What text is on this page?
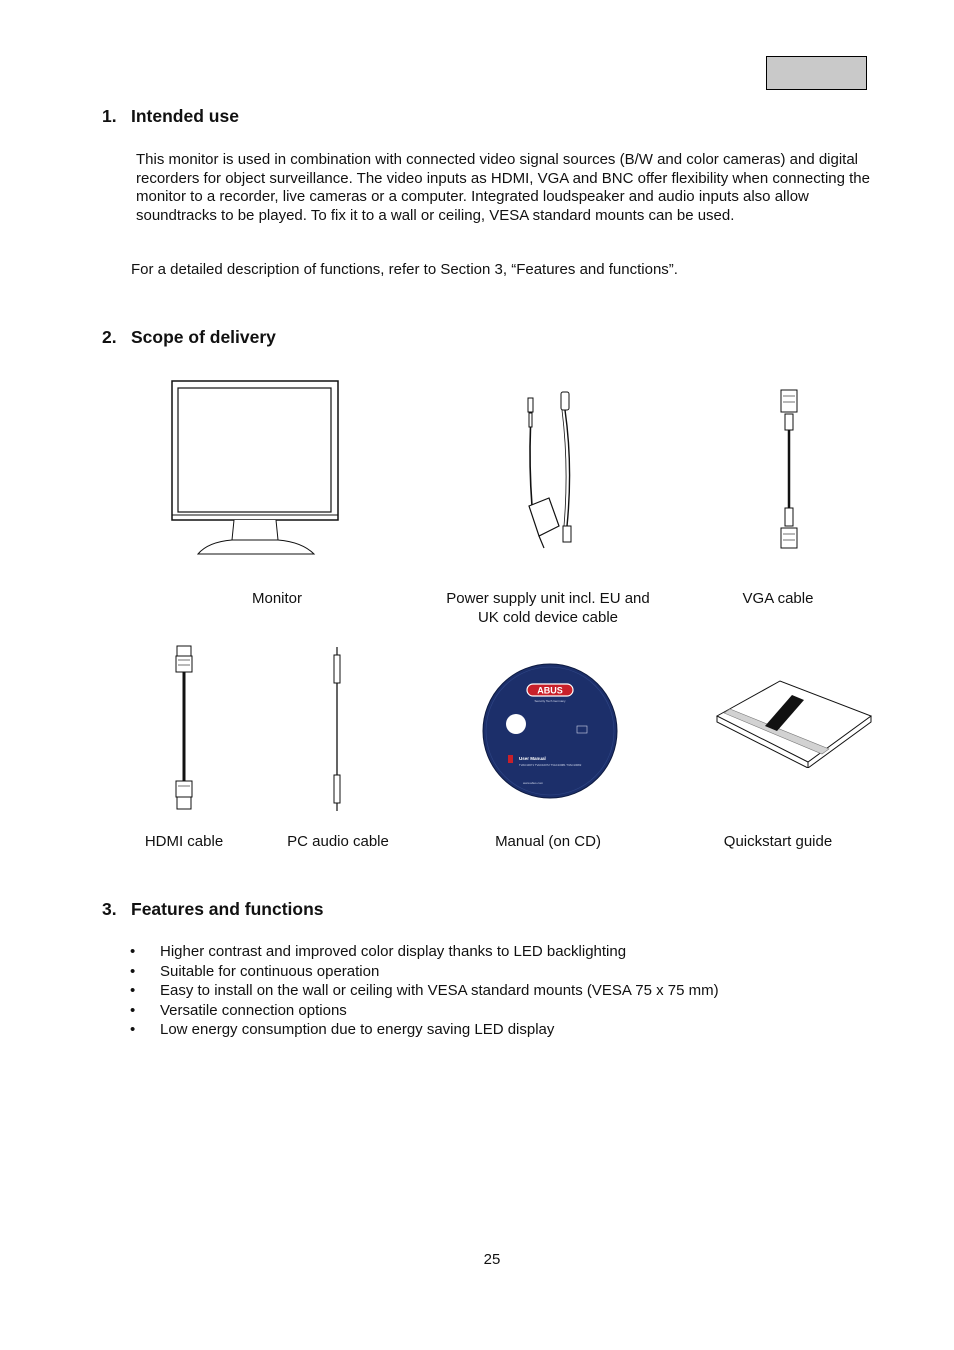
1. Intended use

This monitor is used in combination with connected video signal sources (B/W and color cameras) and digital recorders for object surveillance. The video inputs as HDMI, VGA and BNC offer flexibility when connecting the monitor to a recorder, live cameras or a computer. Integrated loudspeaker and audio inputs also allow soundtracks to be played. To fix it to a wall or ceiling, VESA standard mounts can be used.

For a detailed description of functions, refer to Section 3, “Features and functions”.

2. Scope of delivery

Monitor	Power supply unit incl. EU and UK cold device cable

VGA cable

ABUS
Security Tech Germany
User Manual
TVAC10071 TVAC10072 TVAC10081 TVAC10082
www.abus.com

HDMI cable	PC audio cable	Manual (on CD)	Quickstart guide

3. Features and functions
• Higher contrast and improved color display thanks to LED backlighting
• Suitable for continuous operation
• Easy to install on the wall or ceiling with VESA standard mounts (VESA 75 x 75 mm)
• Versatile connection options
• Low energy consumption due to energy saving LED display
25
